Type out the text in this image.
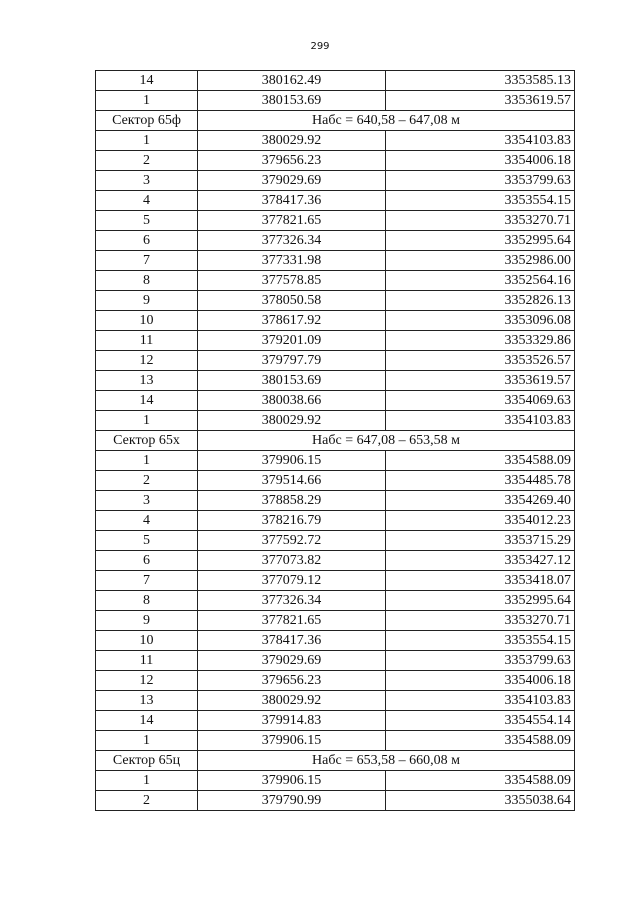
299
14	380162.49	3353585.13
1	380153.69	3353619.57
Сектор 65ф	Набс = 640,58 – 647,08 м	
1	380029.92	3354103.83
2	379656.23	3354006.18
3	379029.69	3353799.63
4	378417.36	3353554.15
5	377821.65	3353270.71
6	377326.34	3352995.64
7	377331.98	3352986.00
8	377578.85	3352564.16
9	378050.58	3352826.13
10	378617.92	3353096.08
11	379201.09	3353329.86
12	379797.79	3353526.57
13	380153.69	3353619.57
14	380038.66	3354069.63
1	380029.92	3354103.83
Сектор 65х	Набс = 647,08 – 653,58 м	
1	379906.15	3354588.09
2	379514.66	3354485.78
3	378858.29	3354269.40
4	378216.79	3354012.23
5	377592.72	3353715.29
6	377073.82	3353427.12
7	377079.12	3353418.07
8	377326.34	3352995.64
9	377821.65	3353270.71
10	378417.36	3353554.15
11	379029.69	3353799.63
12	379656.23	3354006.18
13	380029.92	3354103.83
14	379914.83	3354554.14
1	379906.15	3354588.09
Сектор 65ц	Набс = 653,58 – 660,08 м	
1	379906.15	3354588.09
2	379790.99	3355038.64
